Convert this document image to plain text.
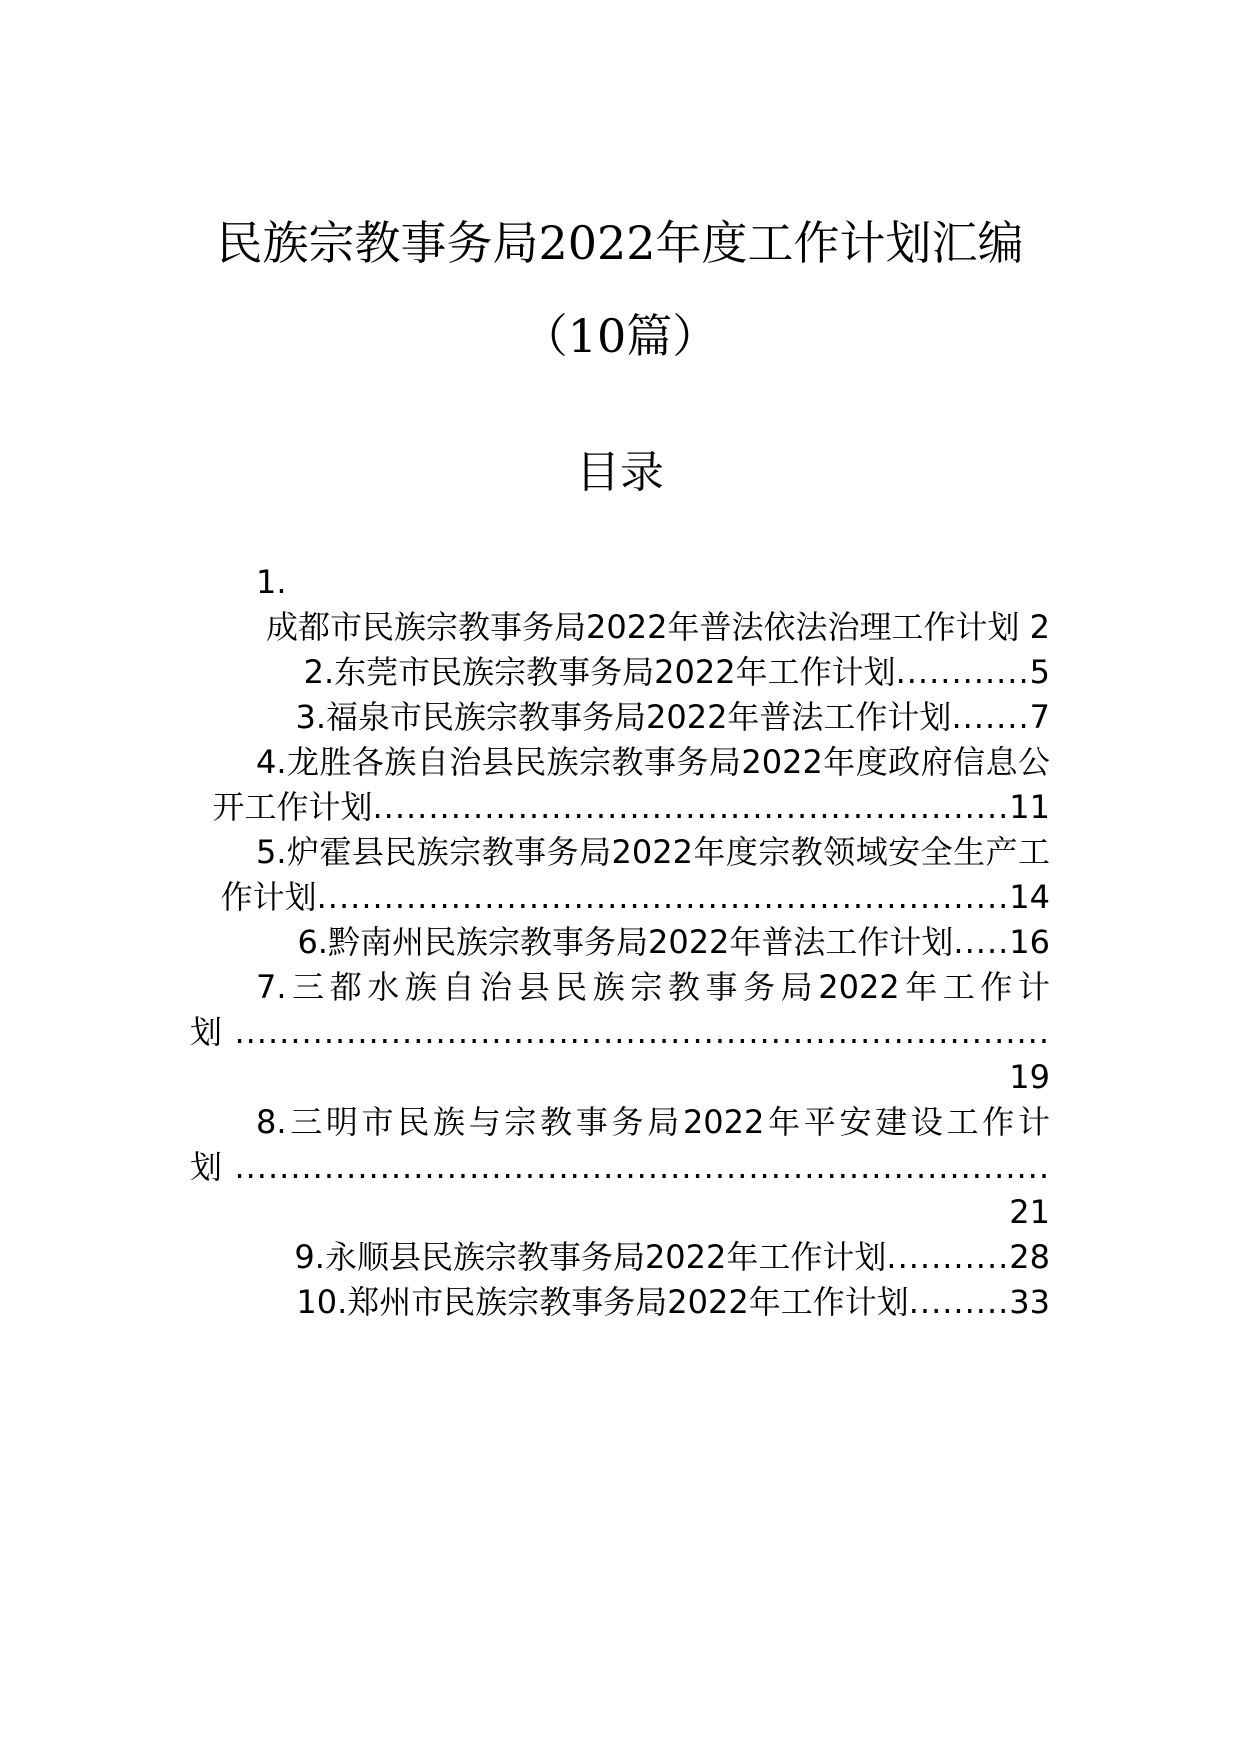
民族宗教事务局2022年度工作计划汇编
（10篇）
目录
1.
成都市民族宗教事务局2022年普法依法治理工作计划 2
2.东莞市民族宗教事务局2022年工作计划............5
3.福泉市民族宗教事务局2022年普法工作计划.......7
4.龙胜各族自治县民族宗教事务局2022年度政府信息公开工作计划.........................................................11
5.炉霍县民族宗教事务局2022年度宗教领域安全生产工作计划..............................................................14
6.黔南州民族宗教事务局2022年普法工作计划.....16
7.三都水族自治县民族宗教事务局2022年工作计划.........................................................................19
8.三明市民族与宗教事务局2022年平安建设工作计划.........................................................................21
9.永顺县民族宗教事务局2022年工作计划...........28
10.郑州市民族宗教事务局2022年工作计划.........33
